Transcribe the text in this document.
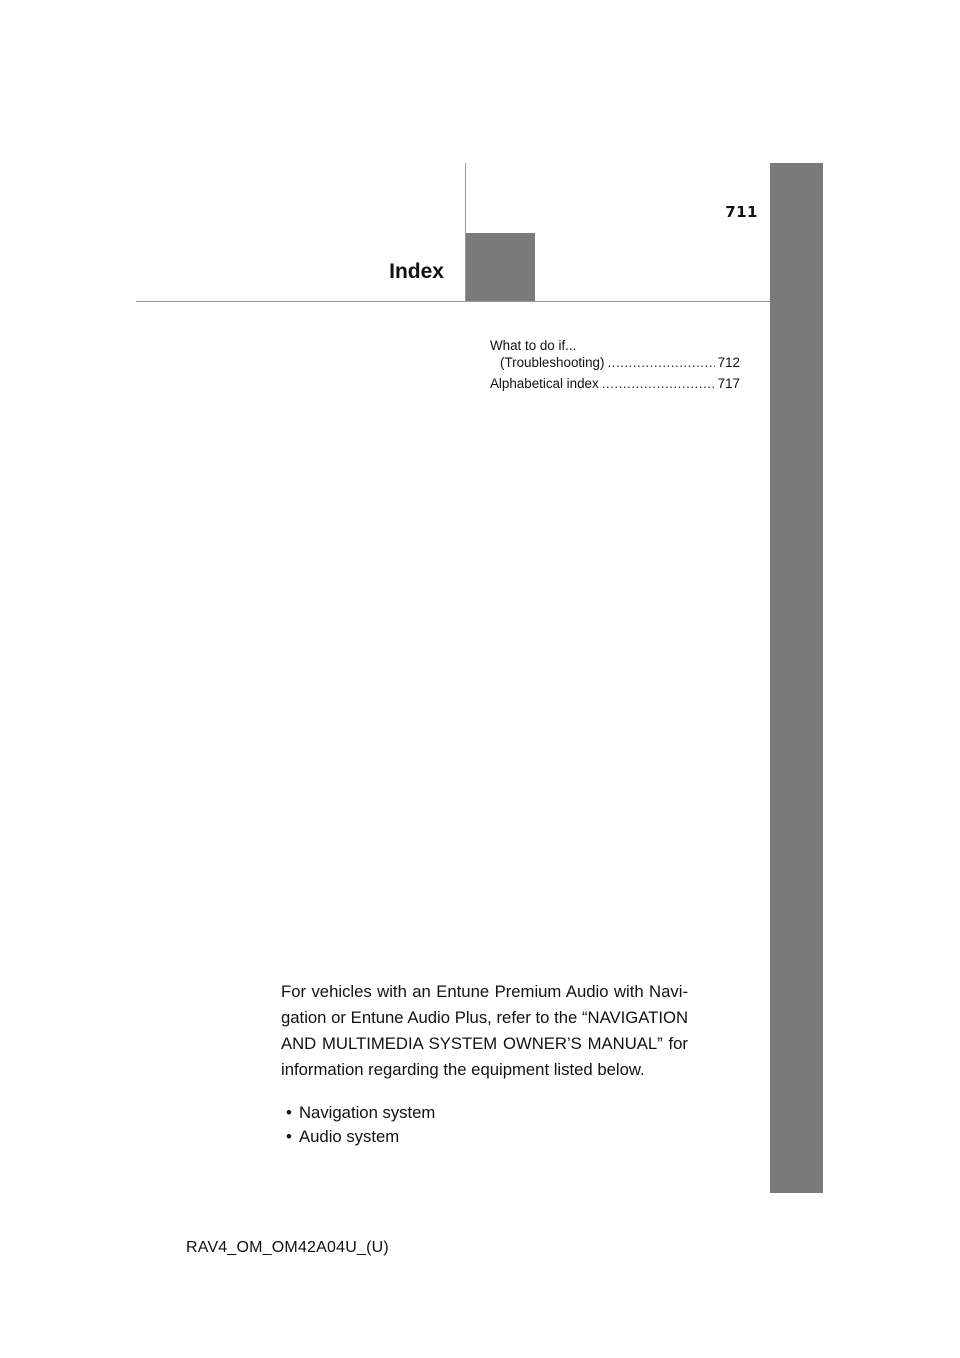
711
Index
What to do if...
(Troubleshooting) .....	712
Alphabetical index .....	717

For vehicles with an Entune Premium Audio with Navigation or Entune Audio Plus, refer to the “NAVIGATION AND MULTIMEDIA SYSTEM OWNER’S MANUAL” for information regarding the equipment listed below.

• Navigation system
• Audio system
RAV4_OM_OM42A04U_(U)
